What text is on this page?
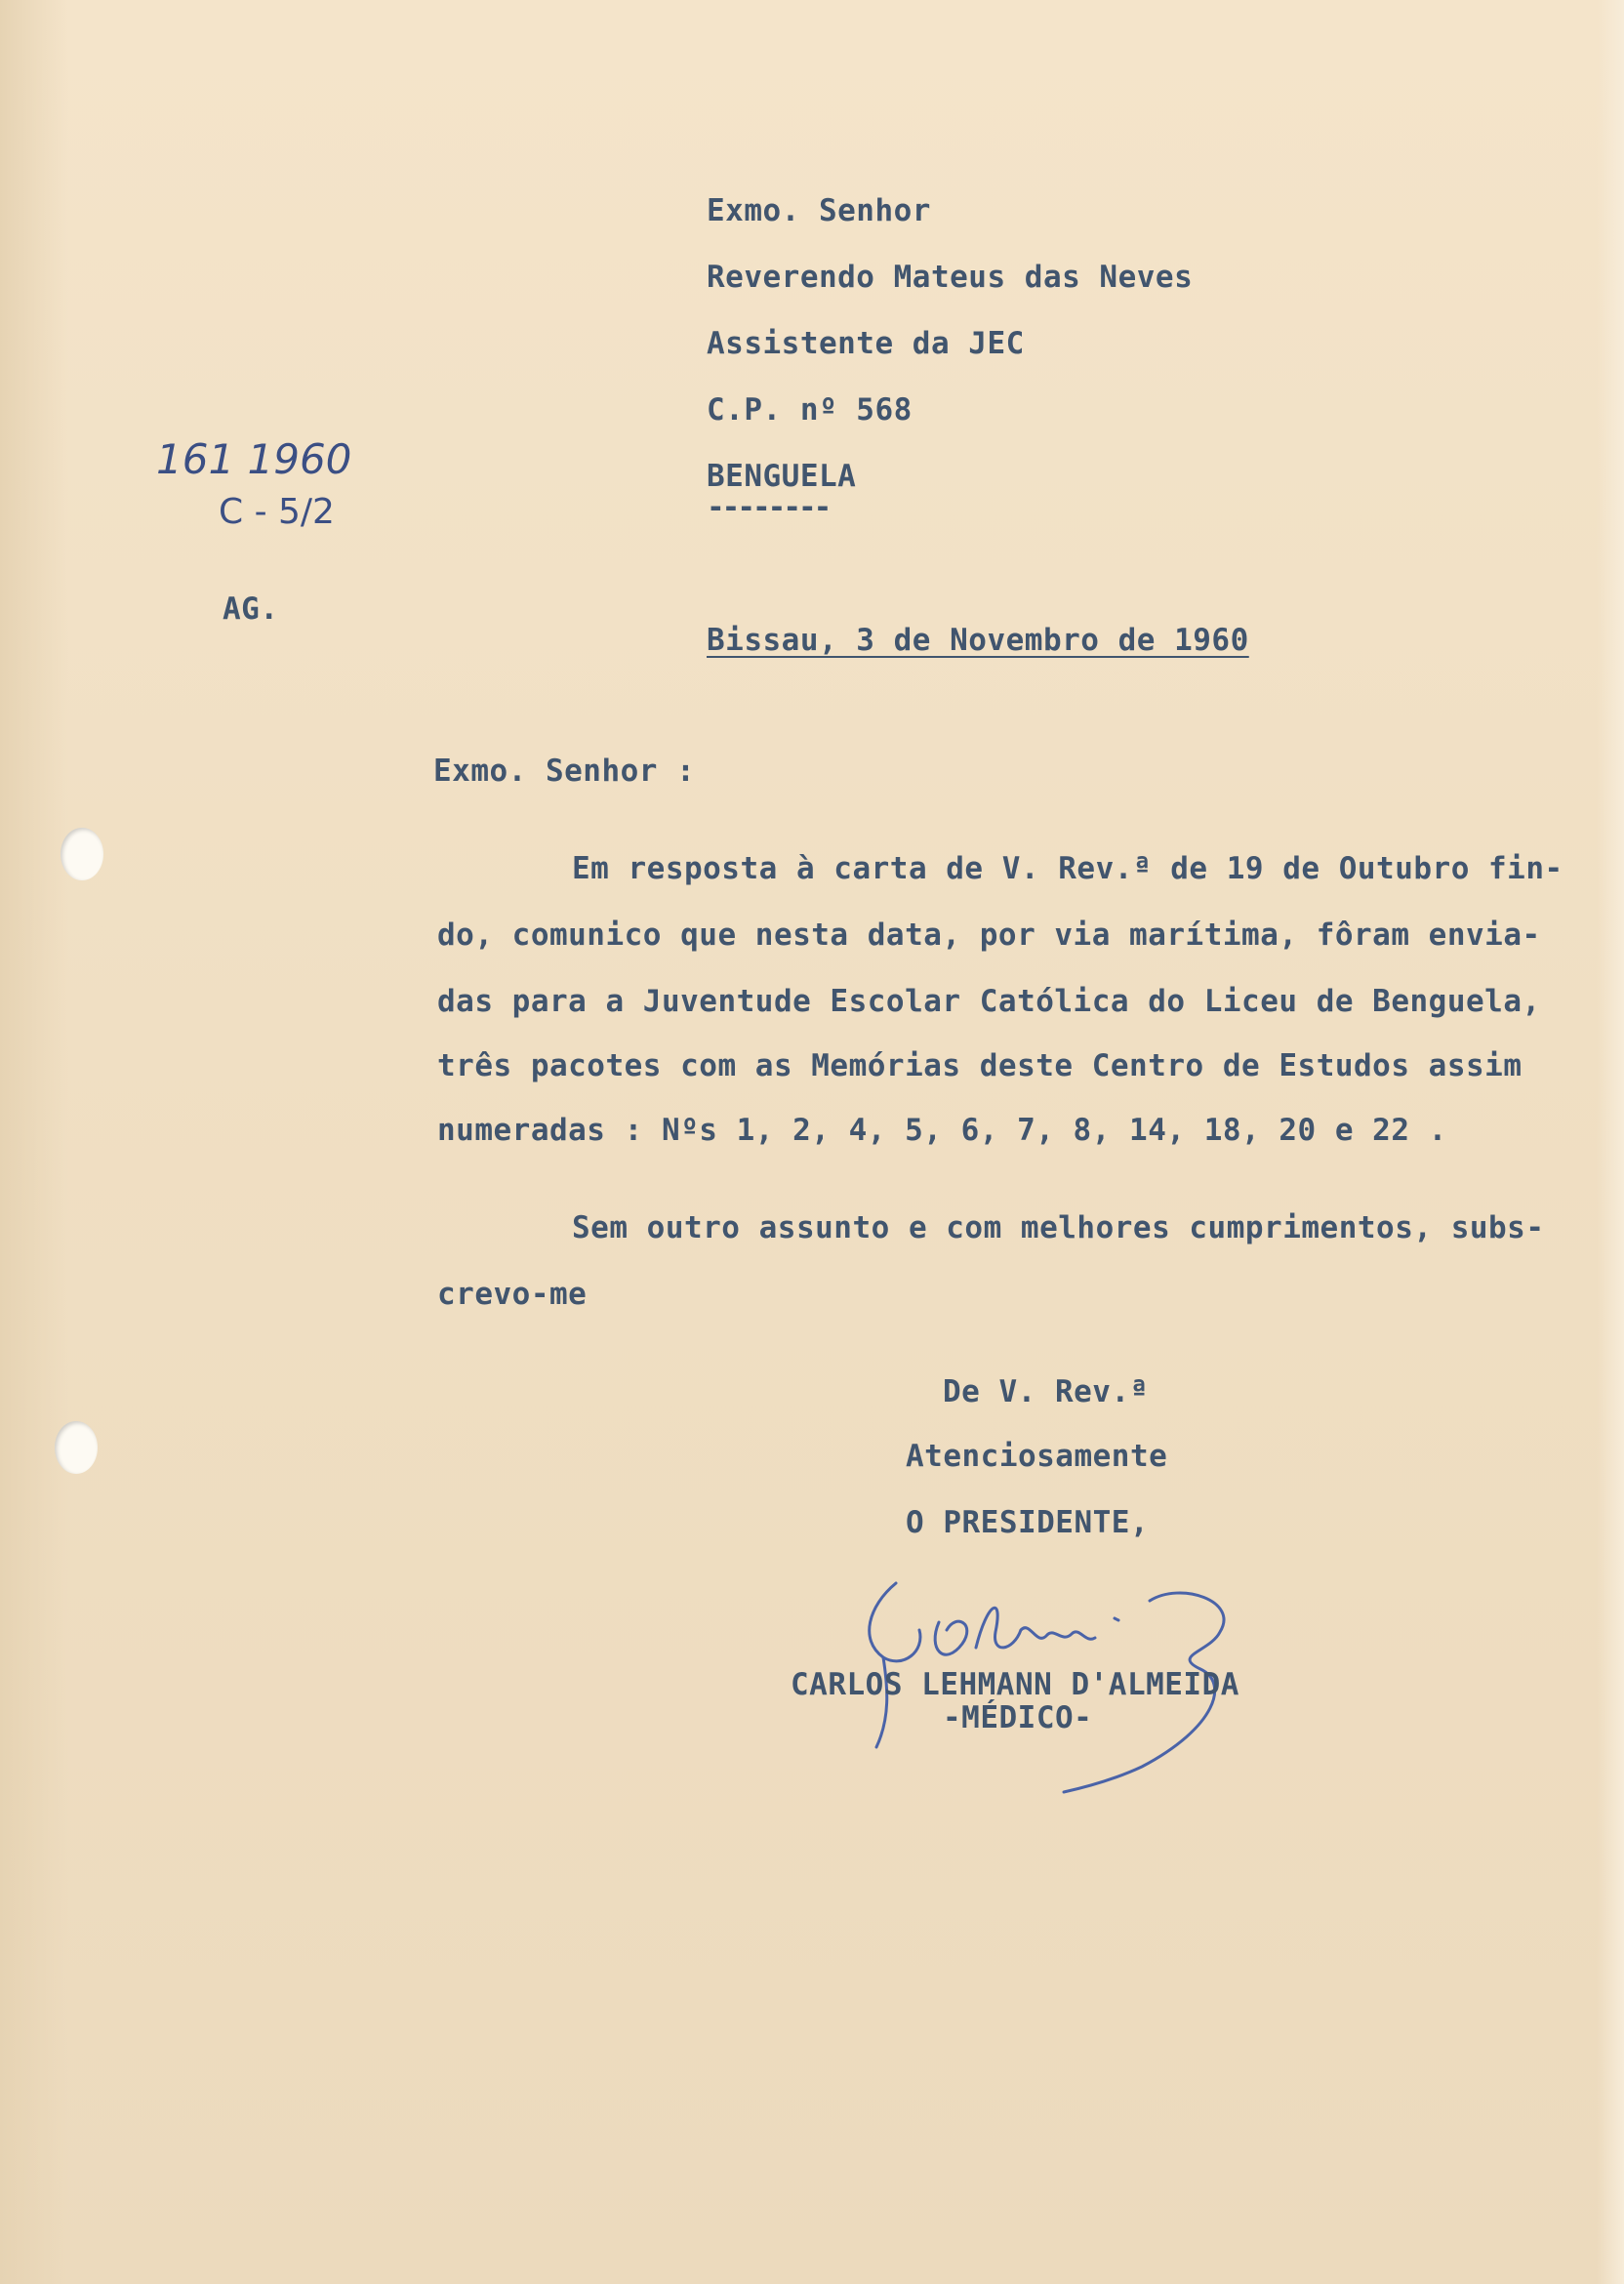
Exmo. Senhor

Reverendo Mateus das Neves

Assistente da JEC

C.P. nº 568

BENGUELA

--------

161 1960

C - 5/2

AG.

Bissau, 3 de Novembro de 1960

Exmo. Senhor :

Em resposta à carta de V. Rev.ª de 19 de Outubro fin-

do, comunico que nesta data, por via marítima, fôram envia-

das para a Juventude Escolar Católica do Liceu de Benguela,

três pacotes com as Memórias deste Centro de Estudos assim

numeradas : Nºs 1, 2, 4, 5, 6, 7, 8, 14, 18, 20 e 22 .

Sem outro assunto e com melhores cumprimentos, subs-

crevo-me

De V. Rev.ª

Atenciosamente

O PRESIDENTE,

CARLOS LEHMANN D'ALMEIDA

-MÉDICO-
